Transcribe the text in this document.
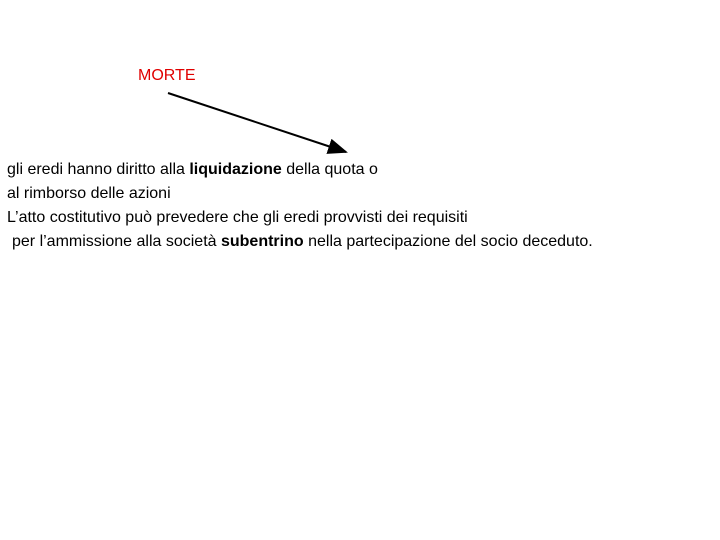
MORTE
gli eredi hanno diritto alla liquidazione della quota o
al rimborso delle azioni
L’atto costitutivo può prevedere che gli eredi provvisti dei requisiti
per l’ammissione alla società subentrino nella partecipazione del socio deceduto.
